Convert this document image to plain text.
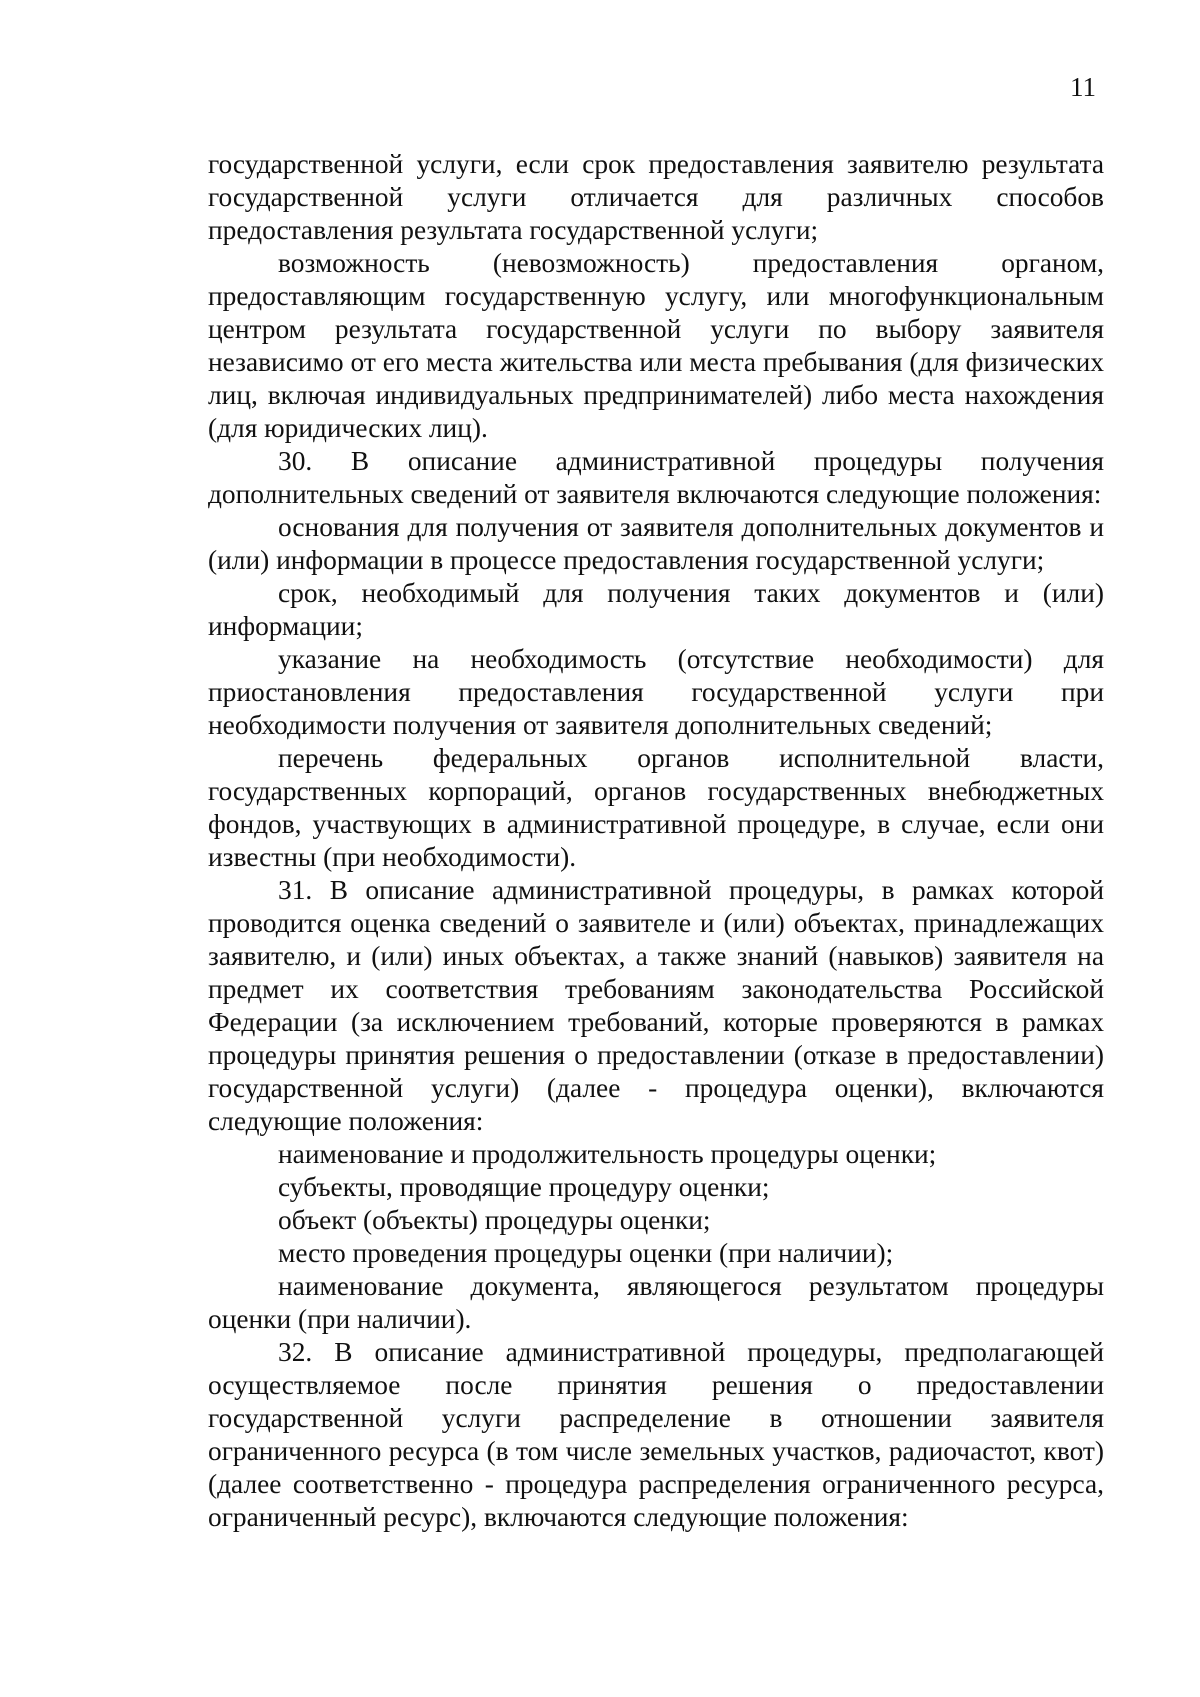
11

государственной услуги, если срок предоставления заявителю результата государственной услуги отличается для различных способов предоставления результата государственной услуги;

возможность (невозможность) предоставления органом, предоставляющим государственную услугу, или многофункциональным центром результата государственной услуги по выбору заявителя независимо от его места жительства или места пребывания (для физических лиц, включая индивидуальных предпринимателей) либо места нахождения (для юридических лиц).

30. В описание административной процедуры получения дополнительных сведений от заявителя включаются следующие положения:

основания для получения от заявителя дополнительных документов и (или) информации в процессе предоставления государственной услуги;

срок, необходимый для получения таких документов и (или) информации;

указание на необходимость (отсутствие необходимости) для приостановления предоставления государственной услуги при необходимости получения от заявителя дополнительных сведений;

перечень федеральных органов исполнительной власти, государственных корпораций, органов государственных внебюджетных фондов, участвующих в административной процедуре, в случае, если они известны (при необходимости).

31. В описание административной процедуры, в рамках которой проводится оценка сведений о заявителе и (или) объектах, принадлежащих заявителю, и (или) иных объектах, а также знаний (навыков) заявителя на предмет их соответствия требованиям законодательства Российской Федерации (за исключением требований, которые проверяются в рамках процедуры принятия решения о предоставлении (отказе в предоставлении) государственной услуги) (далее - процедура оценки), включаются следующие положения:

наименование и продолжительность процедуры оценки;

субъекты, проводящие процедуру оценки;

объект (объекты) процедуры оценки;

место проведения процедуры оценки (при наличии);

наименование документа, являющегося результатом процедуры оценки (при наличии).

32. В описание административной процедуры, предполагающей осуществляемое после принятия решения о предоставлении государственной услуги распределение в отношении заявителя ограниченного ресурса (в том числе земельных участков, радиочастот, квот) (далее соответственно - процедура распределения ограниченного ресурса, ограниченный ресурс), включаются следующие положения:
